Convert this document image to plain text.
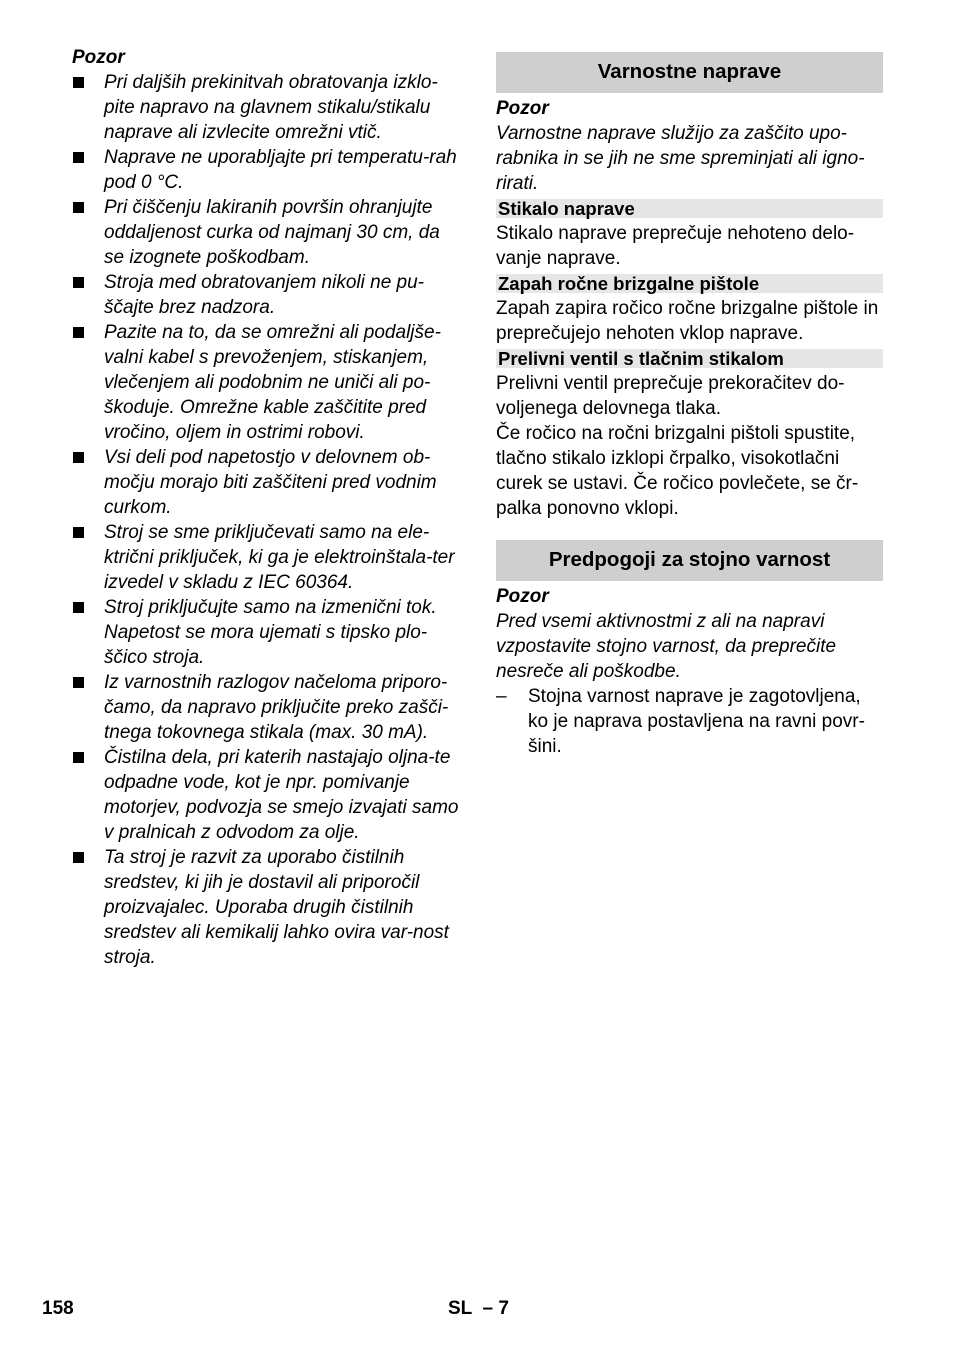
Pozor

Pri daljših prekinitvah obratovanja izklo-pite napravo na glavnem stikalu/stikalu naprave ali izvlecite omrežni vtič.
Naprave ne uporabljajte pri temperatu-rah pod 0 °C.
Pri čiščenju lakiranih površin ohranjujte oddaljenost curka od najmanj 30 cm, da se izognete poškodbam.
Stroja med obratovanjem nikoli ne pu-ščajte brez nadzora.
Pazite na to, da se omrežni ali podaljše-valni kabel s prevoženjem, stiskanjem, vlečenjem ali podobnim ne uniči ali po-škoduje. Omrežne kable zaščitite pred vročino, oljem in ostrimi robovi.
Vsi deli pod napetostjo v delovnem ob-močju morajo biti zaščiteni pred vodnim curkom.
Stroj se sme priključevati samo na ele-ktrični priključek, ki ga je elektroinštala-ter izvedel v skladu z IEC 60364.
Stroj priključujte samo na izmenični tok. Napetost se mora ujemati s tipsko plo-ščico stroja.
Iz varnostnih razlogov načeloma priporo-čamo, da napravo priključite preko zašči-tnega tokovnega stikala (max. 30 mA).
Čistilna dela, pri katerih nastajajo oljna-te odpadne vode, kot je npr. pomivanje motorjev, podvozja se smejo izvajati samo v pralnicah z odvodom za olje.
Ta stroj je razvit za uporabo čistilnih sredstev, ki jih je dostavil ali priporočil proizvajalec. Uporaba drugih čistilnih sredstev ali kemikalij lahko ovira var-nost stroja.
Varnostne naprave

Pozor

Varnostne naprave služijo za zaščito upo-rabnika in se jih ne sme spreminjati ali igno-rirati.

Stikalo naprave

Stikalo naprave preprečuje nehoteno delo-vanje naprave.

Zapah ročne brizgalne pištole

Zapah zapira ročico ročne brizgalne pištole in preprečujejo nehoten vklop naprave.

Prelivni ventil s tlačnim stikalom

Prelivni ventil preprečuje prekoračitev do-voljenega delovnega tlaka.

Če ročico na ročni brizgalni pištoli spustite, tlačno stikalo izklopi črpalko, visokotlačni curek se ustavi. Če ročico povlečete, se čr-palka ponovno vklopi.

Predpogoji za stojno varnost

Pozor

Pred vsemi aktivnostmi z ali na napravi vzpostavite stojno varnost, da preprečite nesreče ali poškodbe.

– Stojna varnost naprave je zagotovljena, ko je naprava postavljena na ravni povr-šini.
158	SL  – 7
